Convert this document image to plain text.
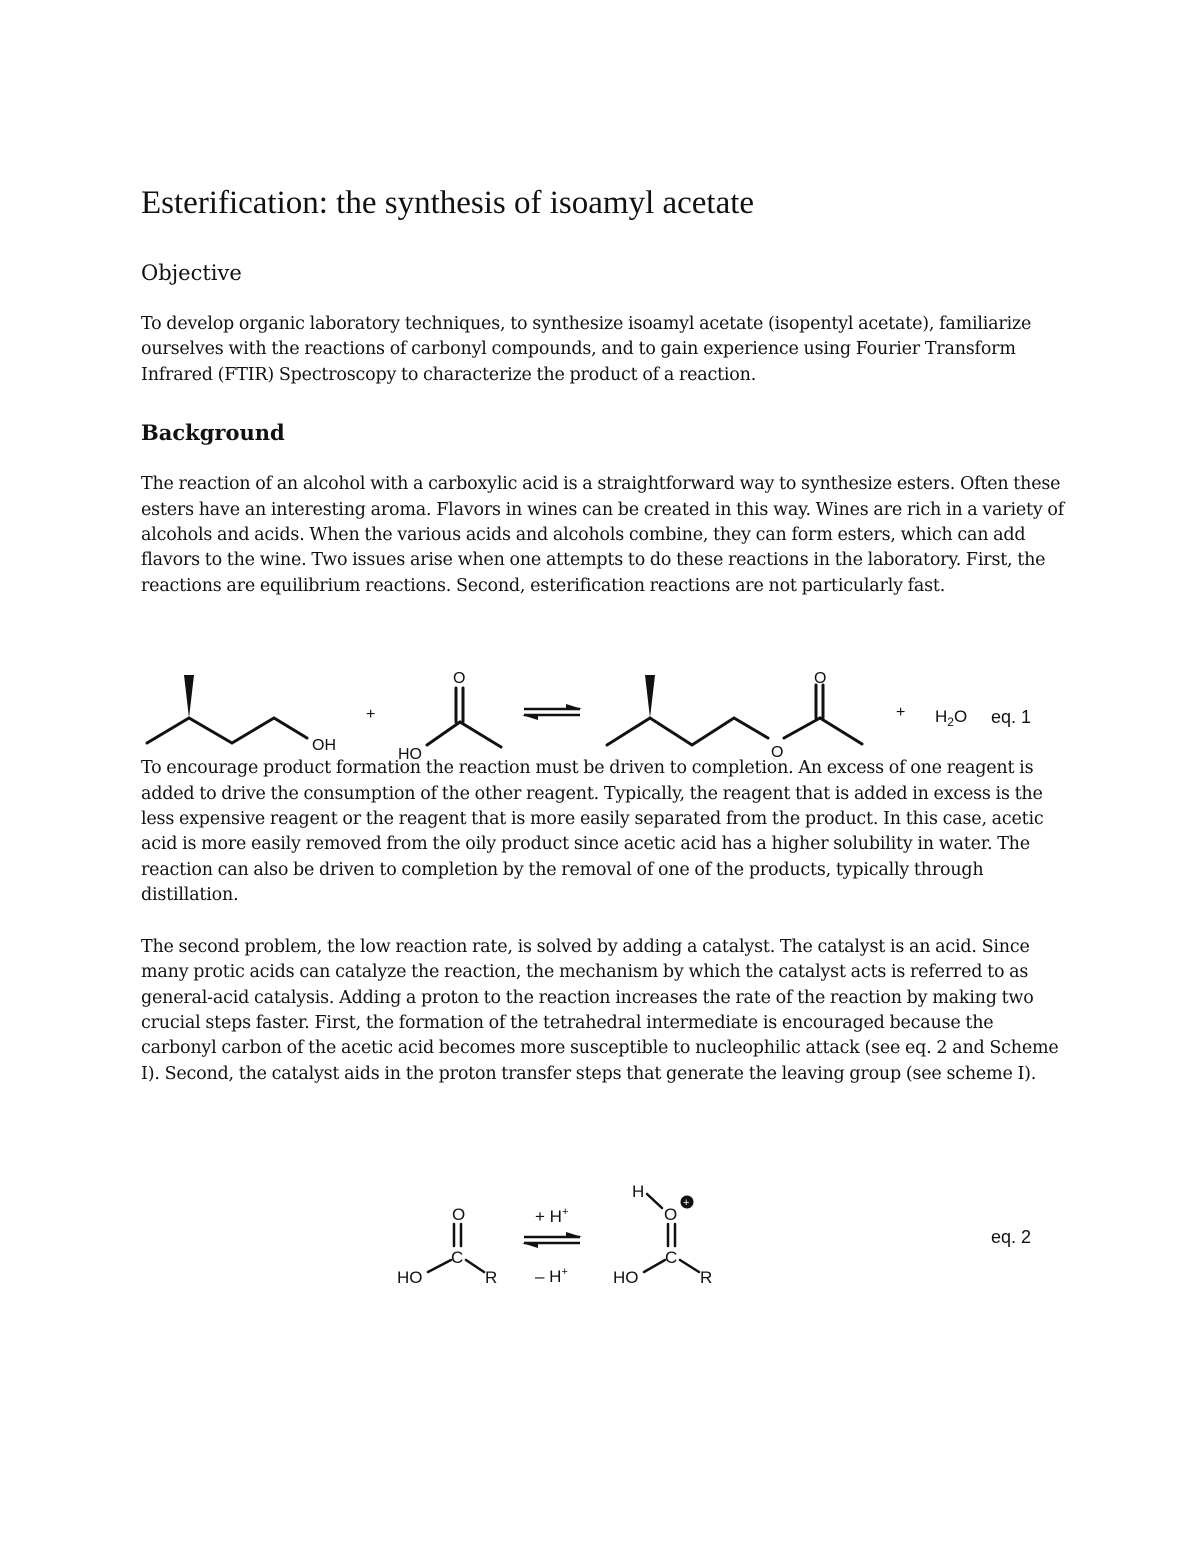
Esterification: the synthesis of isoamyl acetate
Objective

To develop organic laboratory techniques, to synthesize isoamyl acetate (isopentyl acetate), familiarize ourselves with the reactions of carbonyl compounds, and to gain experience using Fourier Transform Infrared (FTIR) Spectroscopy to characterize the product of a reaction.

Background

The reaction of an alcohol with a carboxylic acid is a straightforward way to synthesize esters. Often these esters have an interesting aroma. Flavors in wines can be created in this way. Wines are rich in a variety of alcohols and acids. When the various acids and alcohols combine, they can form esters, which can add flavors to the wine. Two issues arise when one attempts to do these reactions in the laboratory. First, the reactions are equilibrium reactions. Second, esterification reactions are not particularly fast.

To encourage product formation the reaction must be driven to completion. An excess of one reagent is added to drive the consumption of the other reagent. Typically, the reagent that is added in excess is the less expensive reagent or the reagent that is more easily separated from the product. In this case, acetic acid is more easily removed from the oily product since acetic acid has a higher solubility in water. The reaction can also be driven to completion by the removal of one of the products, typically through distillation.

The second problem, the low reaction rate, is solved by adding a catalyst. The catalyst is an acid. Since many protic acids can catalyze the reaction, the mechanism by which the catalyst acts is referred to as general-acid catalysis. Adding a proton to the reaction increases the rate of the reaction by making two crucial steps faster. First, the formation of the tetrahedral intermediate is encouraged because the carbonyl carbon of the acetic acid becomes more susceptible to nucleophilic attack (see eq. 2 and Scheme I). Second, the catalyst aids in the proton transfer steps that generate the leaving group (see scheme I).

OH
+
O
HO
O
O
+ $H_2O$ eq. 1
O
C
HO	R
+ H+
– H+
H
O
+
C
HO	R
eq. 2
